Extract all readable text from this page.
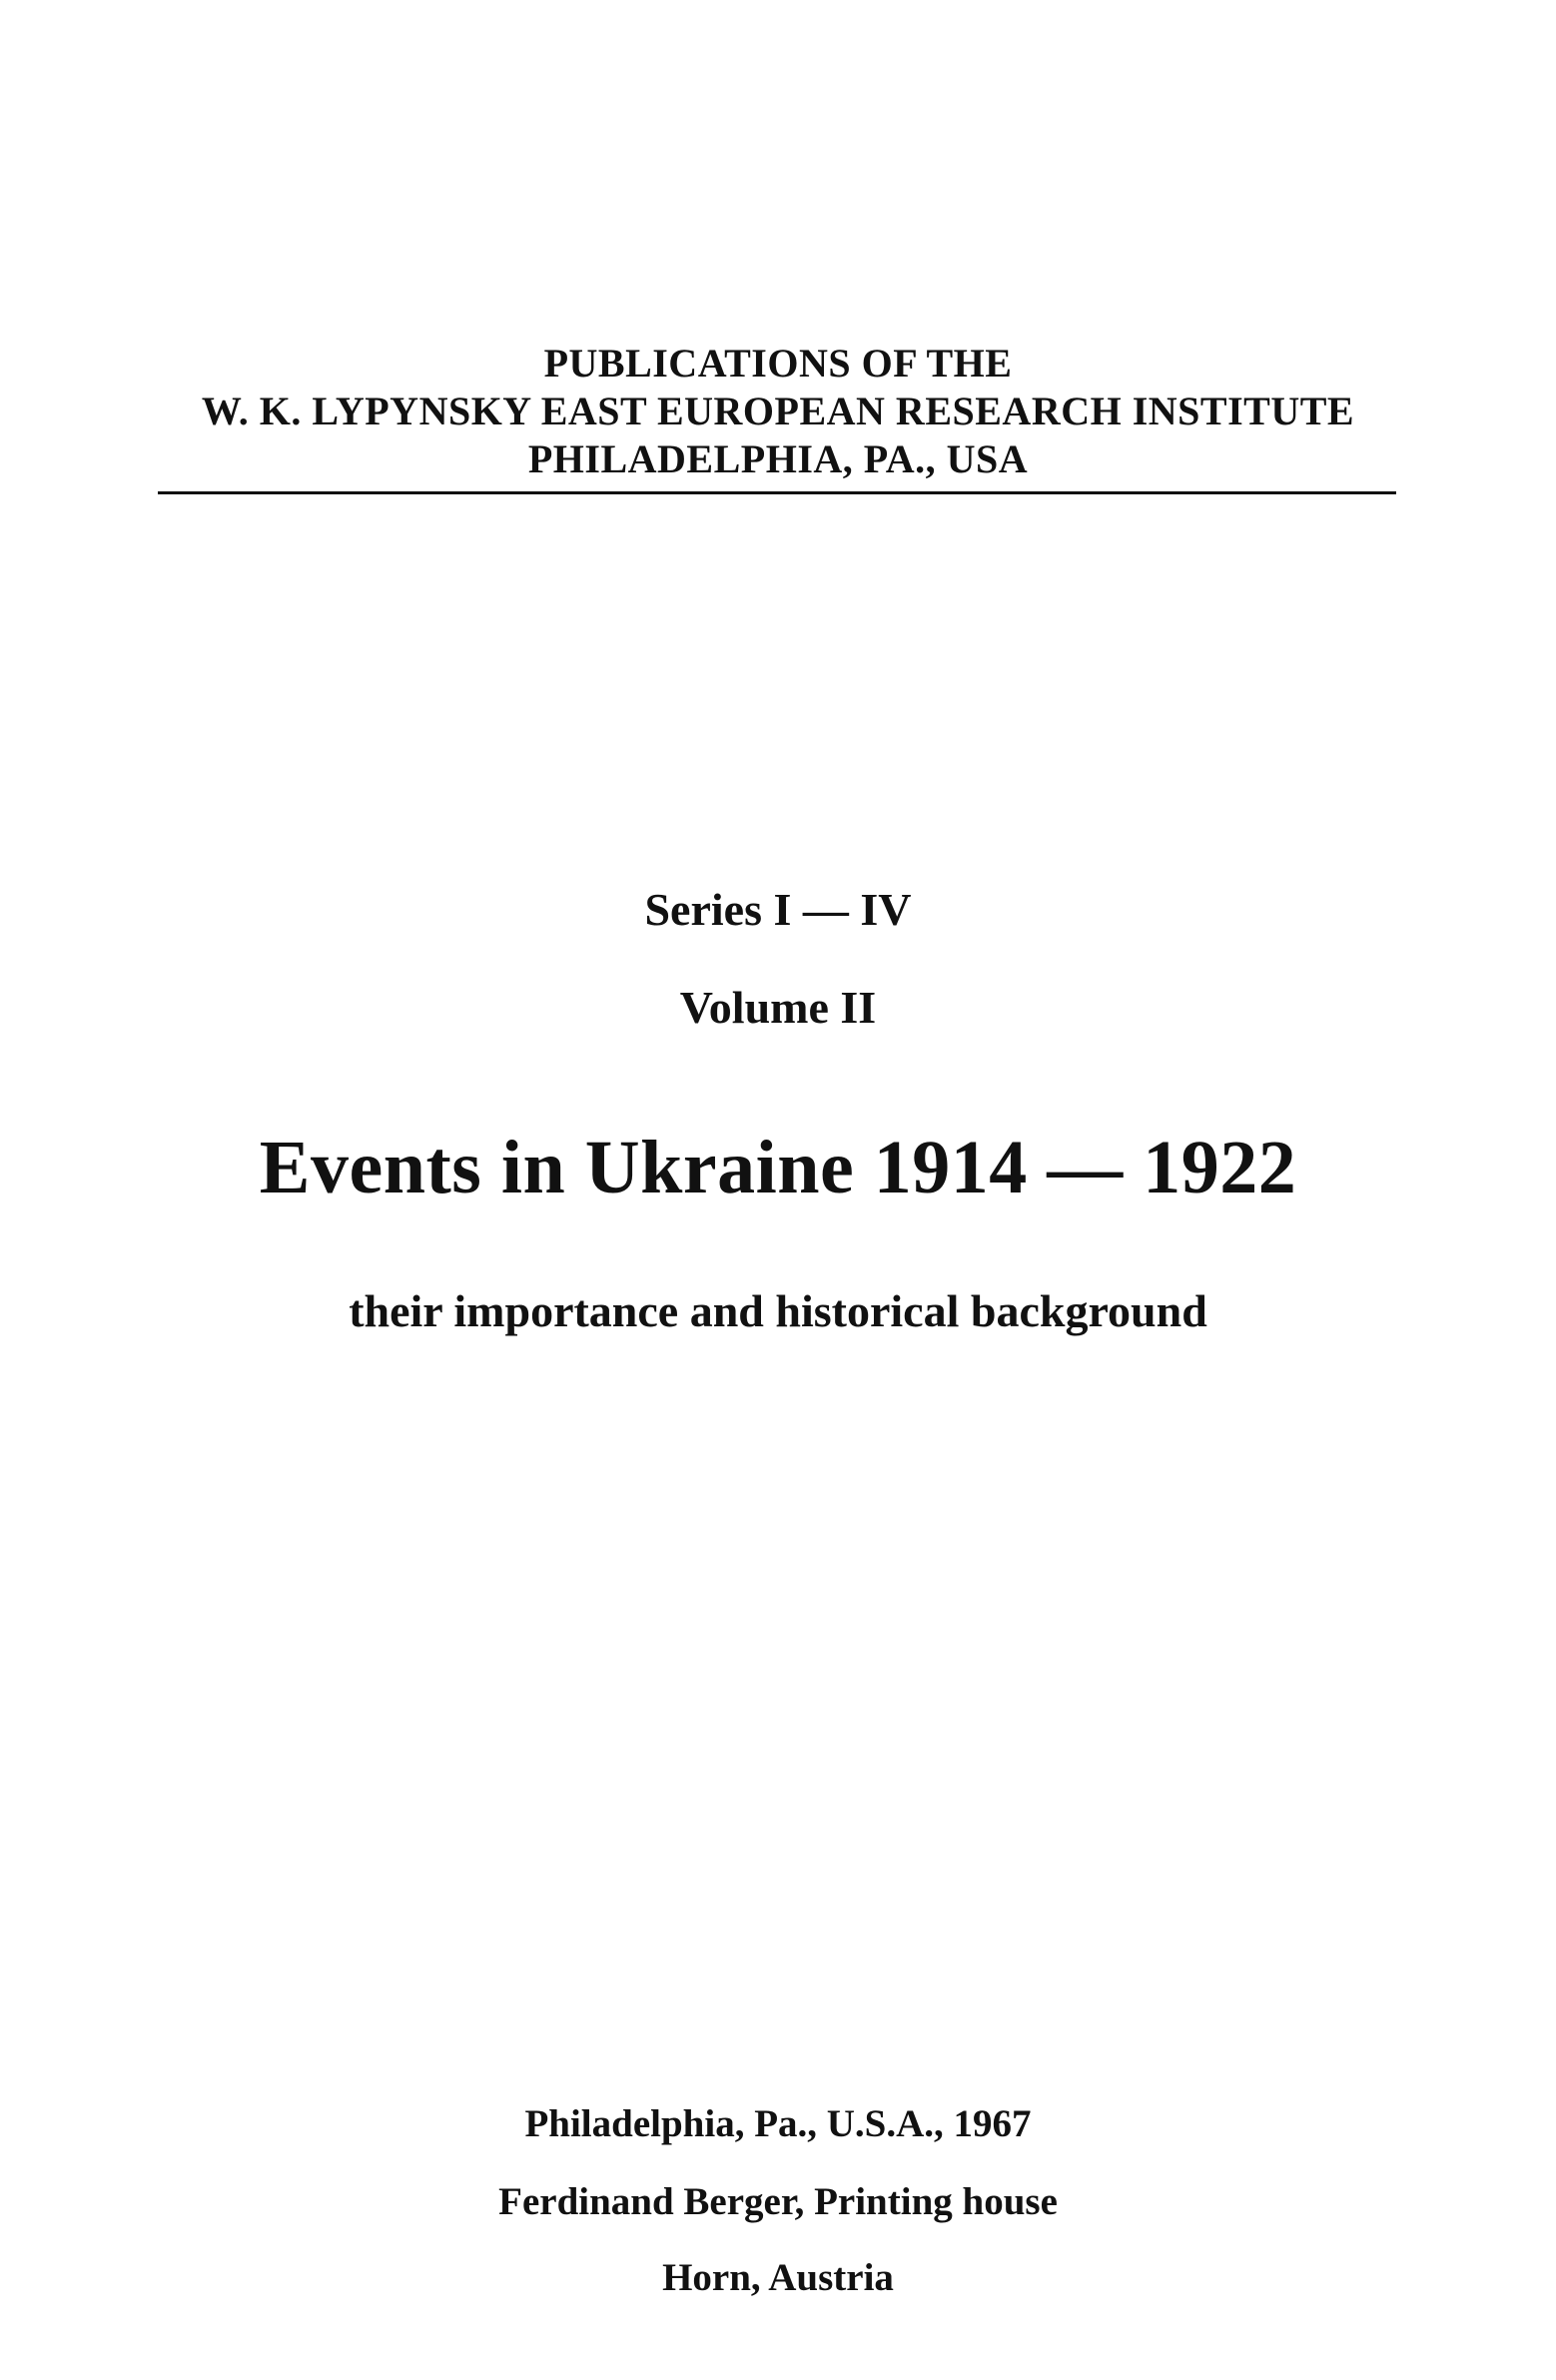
PUBLICATIONS OF THE
W. K. LYPYNSKY EAST EUROPEAN RESEARCH INSTITUTE
PHILADELPHIA, PA., USA
Series I — IV
Volume II
Events in Ukraine 1914 — 1922
their importance and historical background
Philadelphia, Pa., U.S.A., 1967
Ferdinand Berger, Printing house
Horn, Austria
